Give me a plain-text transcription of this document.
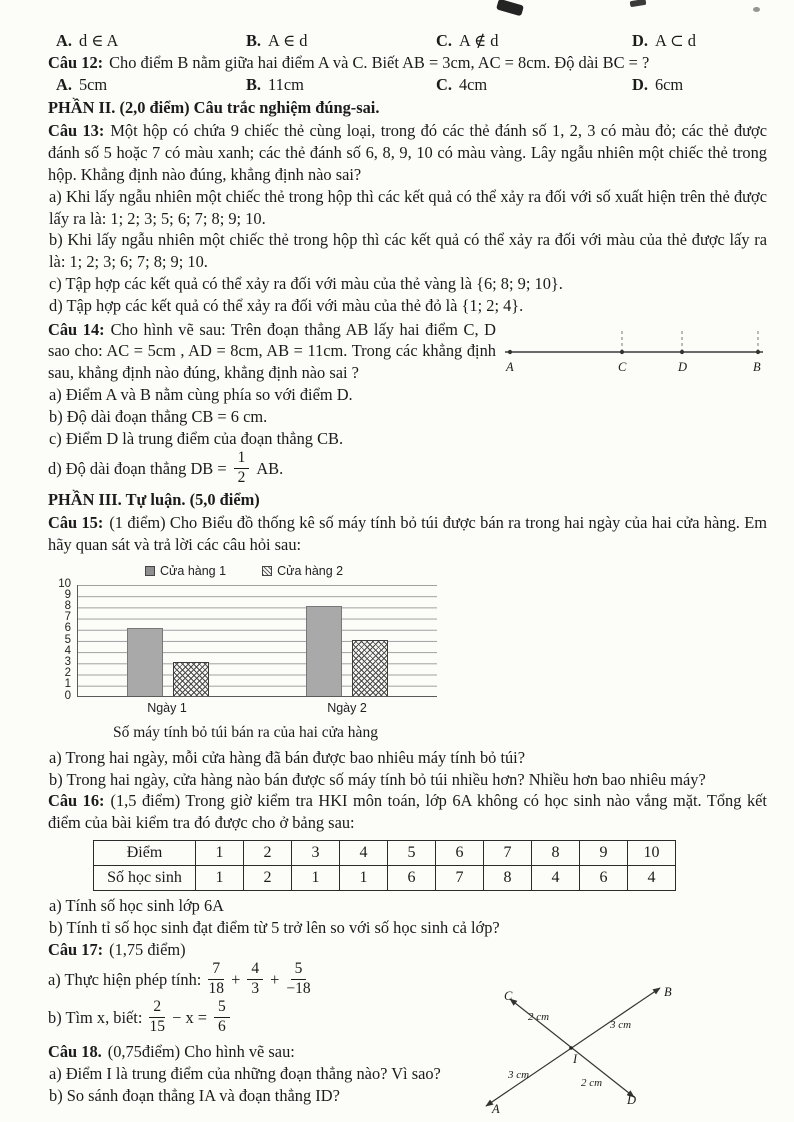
A. d ∈ A	B. A ∈ d	C. A ∉ d	D. A ⊂ d

Câu 12: Cho điểm B nằm giữa hai điểm A và C. Biết AB = 3cm, AC = 8cm. Độ dài BC = ?

A. 5cm	B. 11cm	C. 4cm	D. 6cm

PHẦN II. (2,0 điểm) Câu trắc nghiệm đúng-sai.

Câu 13: Một hộp có chứa 9 chiếc thẻ cùng loại, trong đó các thẻ đánh số 1, 2, 3 có màu đỏ; các thẻ được đánh số 5 hoặc 7 có màu xanh; các thẻ đánh số 6, 8, 9, 10 có màu vàng. Lây ngẫu nhiên một chiếc thẻ trong hộp. Khẳng định nào đúng, khẳng định nào sai?

a) Khi lấy ngẫu nhiên một chiếc thẻ trong hộp thì các kết quả có thể xảy ra đối với số xuất hiện trên thẻ được lấy ra là: 1; 2; 3; 5; 6; 7; 8; 9; 10.

b) Khi lấy ngẫu nhiên một chiếc thẻ trong hộp thì các kết quả có thể xảy ra đối với màu của thẻ được lấy ra là: 1; 2; 3; 6; 7; 8; 9; 10.

c) Tập hợp các kết quả có thể xảy ra đối với màu của thẻ vàng là {6; 8; 9; 10}.

d) Tập hợp các kết quả có thể xảy ra đối với màu của thẻ đỏ là {1; 2; 4}.

Câu 14: Cho hình vẽ sau: Trên đoạn thẳng AB lấy hai điểm C, D sao cho: AC = 5cm , AD = 8cm, AB = 11cm. Trong các khẳng định sau, khẳng định nào đúng, khẳng định nào sai ?	A	C	D	B

a) Điểm A và B nằm cùng phía so với điểm D.

b) Độ dài đoạn thẳng CB = 6 cm.

c) Điểm D là trung điểm của đoạn thẳng CB.

d) Độ dài đoạn thẳng DB = $\frac{1}{2}$ AB.

PHẦN III. Tự luận. (5,0 điểm)

Câu 15: (1 điểm) Cho Biểu đồ thống kê số máy tính bỏ túi được bán ra trong hai ngày của hai cửa hàng. Em hãy quan sát và trả lời các câu hỏi sau:

Cửa hàng 1	Cửa hàng 2
10
9
8
7
6
5
4
3
2
1
0
Ngày 1	Ngày 2
Số máy tính bỏ túi bán ra của hai cửa hàng

a) Trong hai ngày, mỗi cửa hàng đã bán được bao nhiêu máy tính bỏ túi?

b) Trong hai ngày, cửa hàng nào bán được số máy tính bỏ túi nhiều hơn? Nhiều hơn bao nhiêu máy?

Câu 16: (1,5 điểm) Trong giờ kiểm tra HKI môn toán, lớp 6A không có học sinh nào vắng mặt. Tổng kết điểm của bài kiểm tra đó được cho ở bảng sau:

Điểm	1	2	3	4	5	6	7	8	9	10
Số học sinh	1	2	1	1	6	7	8	4	6	4

a) Tính số học sinh lớp 6A

b) Tính tỉ số học sinh đạt điểm từ 5 trở lên so với số học sinh cả lớp?

Câu 17: (1,75 điểm)

a) Thực hiện phép tính: $\frac{7}{18} + \frac{4}{3} + \frac{5}{-18}$
b) Tìm x, biết: $\frac{2}{15} - x = \frac{5}{6}$

Câu 18. (0,75điểm) Cho hình vẽ sau:

a) Điểm I là trung điểm của những đoạn thẳng nào? Vì sao?

b) So sánh đoạn thẳng IA và đoạn thẳng ID?

C	B
A
D
I
2 cm
3 cm
3 cm
2 cm
